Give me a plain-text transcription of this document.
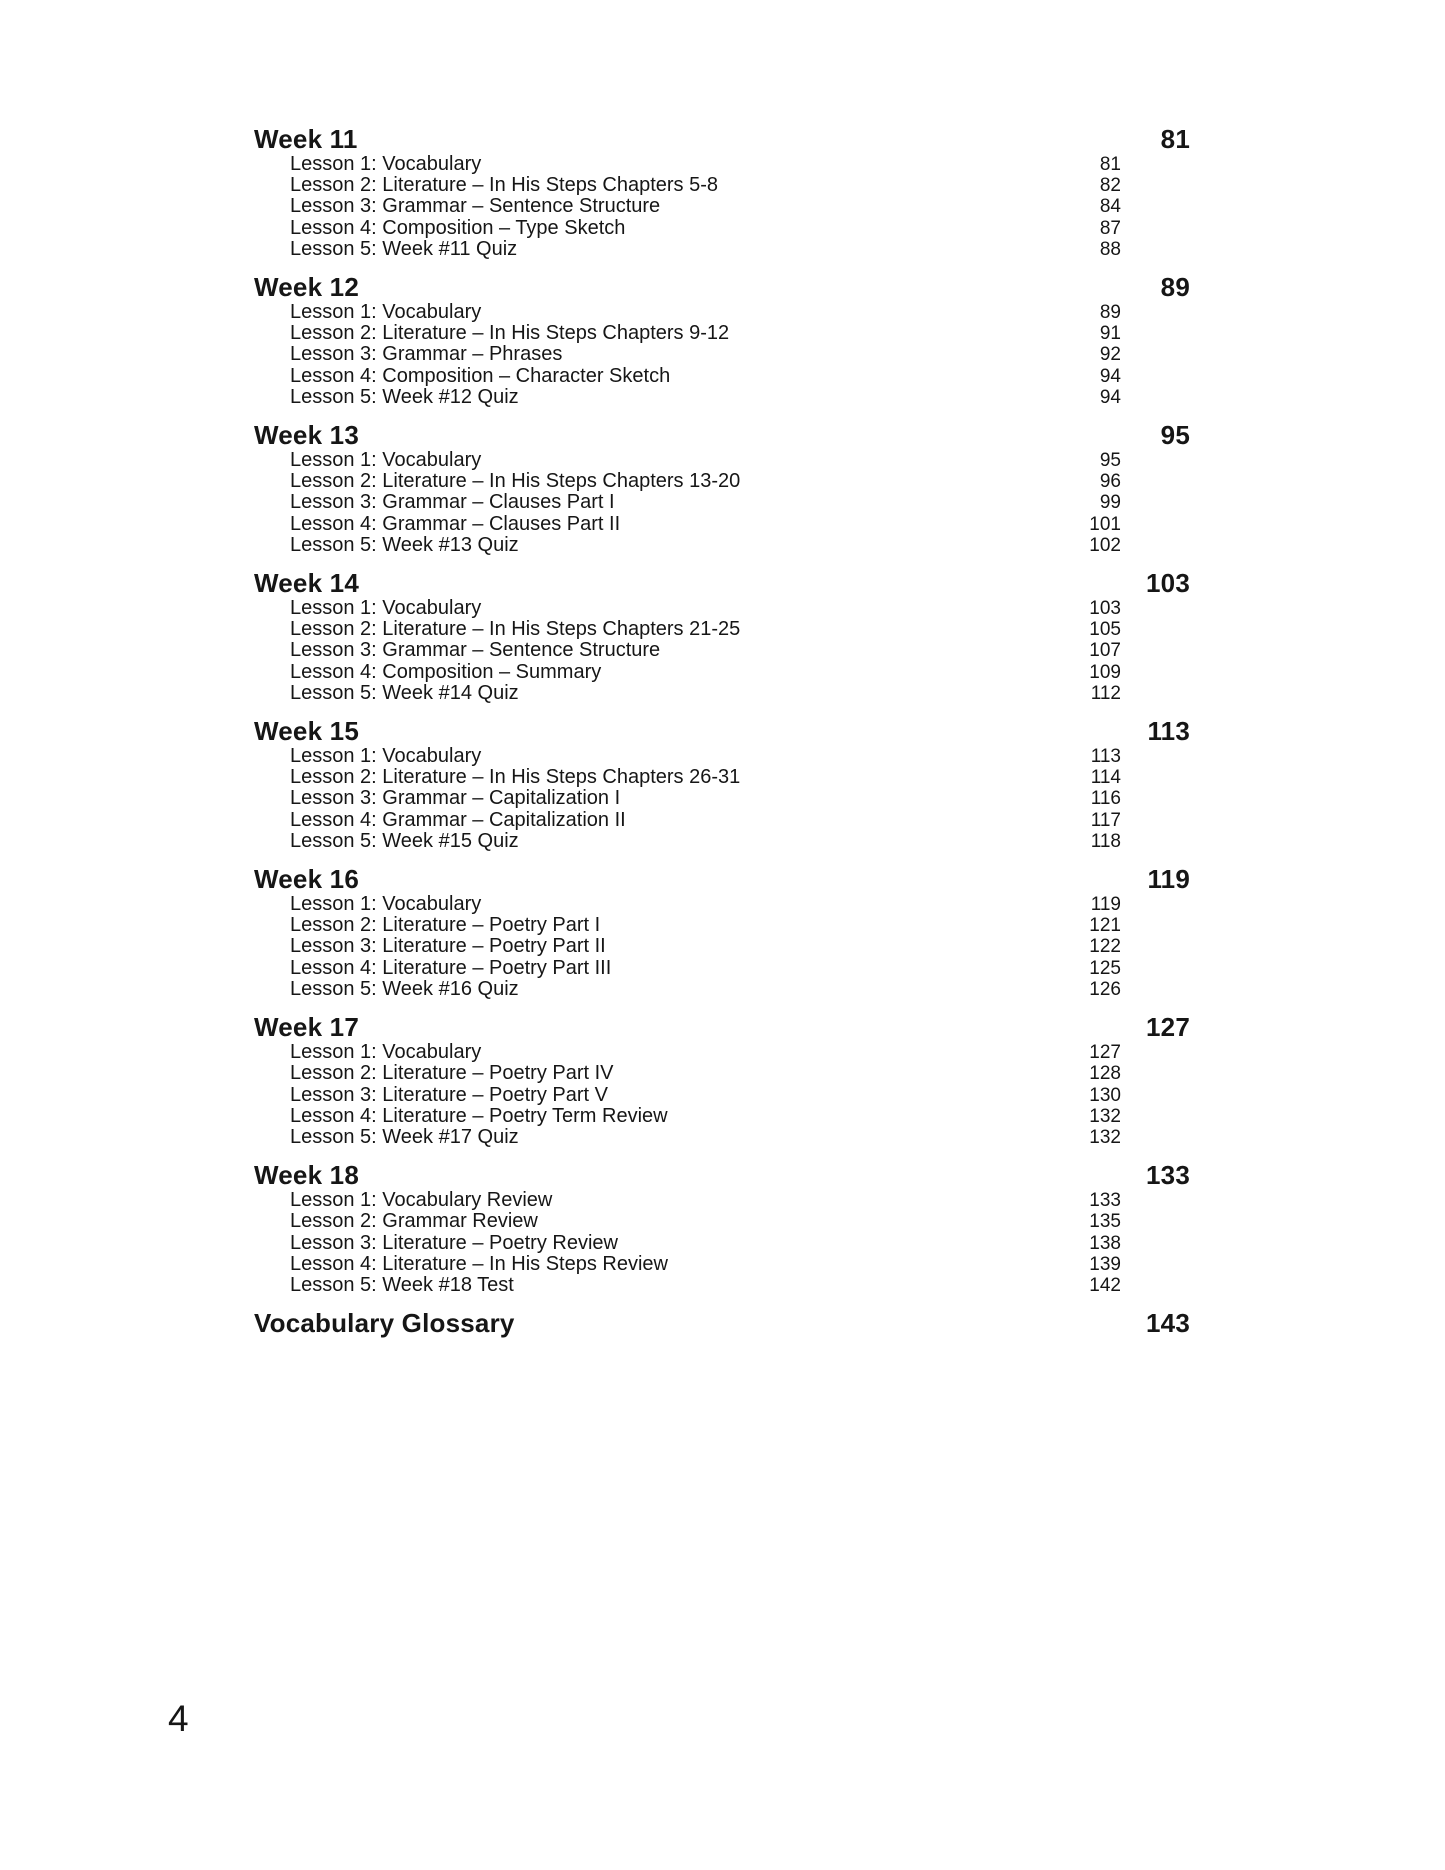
Week 11	81
Lesson 1: Vocabulary	81
Lesson 2: Literature – In His Steps Chapters 5-8	82
Lesson 3: Grammar – Sentence Structure	84
Lesson 4: Composition – Type Sketch	87
Lesson 5: Week #11 Quiz	88
Week 12	89
Lesson 1: Vocabulary	89
Lesson 2: Literature – In His Steps Chapters 9-12	91
Lesson 3: Grammar – Phrases	92
Lesson 4: Composition – Character Sketch	94
Lesson 5: Week #12 Quiz	94
Week 13	95
Lesson 1: Vocabulary	95
Lesson 2: Literature – In His Steps Chapters 13-20	96
Lesson 3: Grammar – Clauses Part I	99
Lesson 4: Grammar – Clauses Part II	101
Lesson 5: Week #13 Quiz	102
Week 14	103
Lesson 1: Vocabulary	103
Lesson 2: Literature – In His Steps Chapters 21-25	105
Lesson 3: Grammar – Sentence Structure	107
Lesson 4: Composition – Summary	109
Lesson 5: Week #14 Quiz	112
Week 15	113
Lesson 1: Vocabulary	113
Lesson 2: Literature – In His Steps Chapters 26-31	114
Lesson 3: Grammar – Capitalization I	116
Lesson 4: Grammar – Capitalization II	117
Lesson 5: Week #15 Quiz	118
Week 16	119
Lesson 1: Vocabulary	119
Lesson 2: Literature – Poetry Part I	121
Lesson 3: Literature – Poetry Part II	122
Lesson 4: Literature – Poetry Part III	125
Lesson 5: Week #16 Quiz	126
Week 17	127
Lesson 1: Vocabulary	127
Lesson 2: Literature – Poetry Part IV	128
Lesson 3: Literature – Poetry Part V	130
Lesson 4: Literature – Poetry Term Review	132
Lesson 5: Week #17 Quiz	132
Week 18	133
Lesson 1: Vocabulary Review	133
Lesson 2: Grammar Review	135
Lesson 3: Literature – Poetry Review	138
Lesson 4: Literature – In His Steps Review	139
Lesson 5: Week #18 Test	142
Vocabulary Glossary	143
4
